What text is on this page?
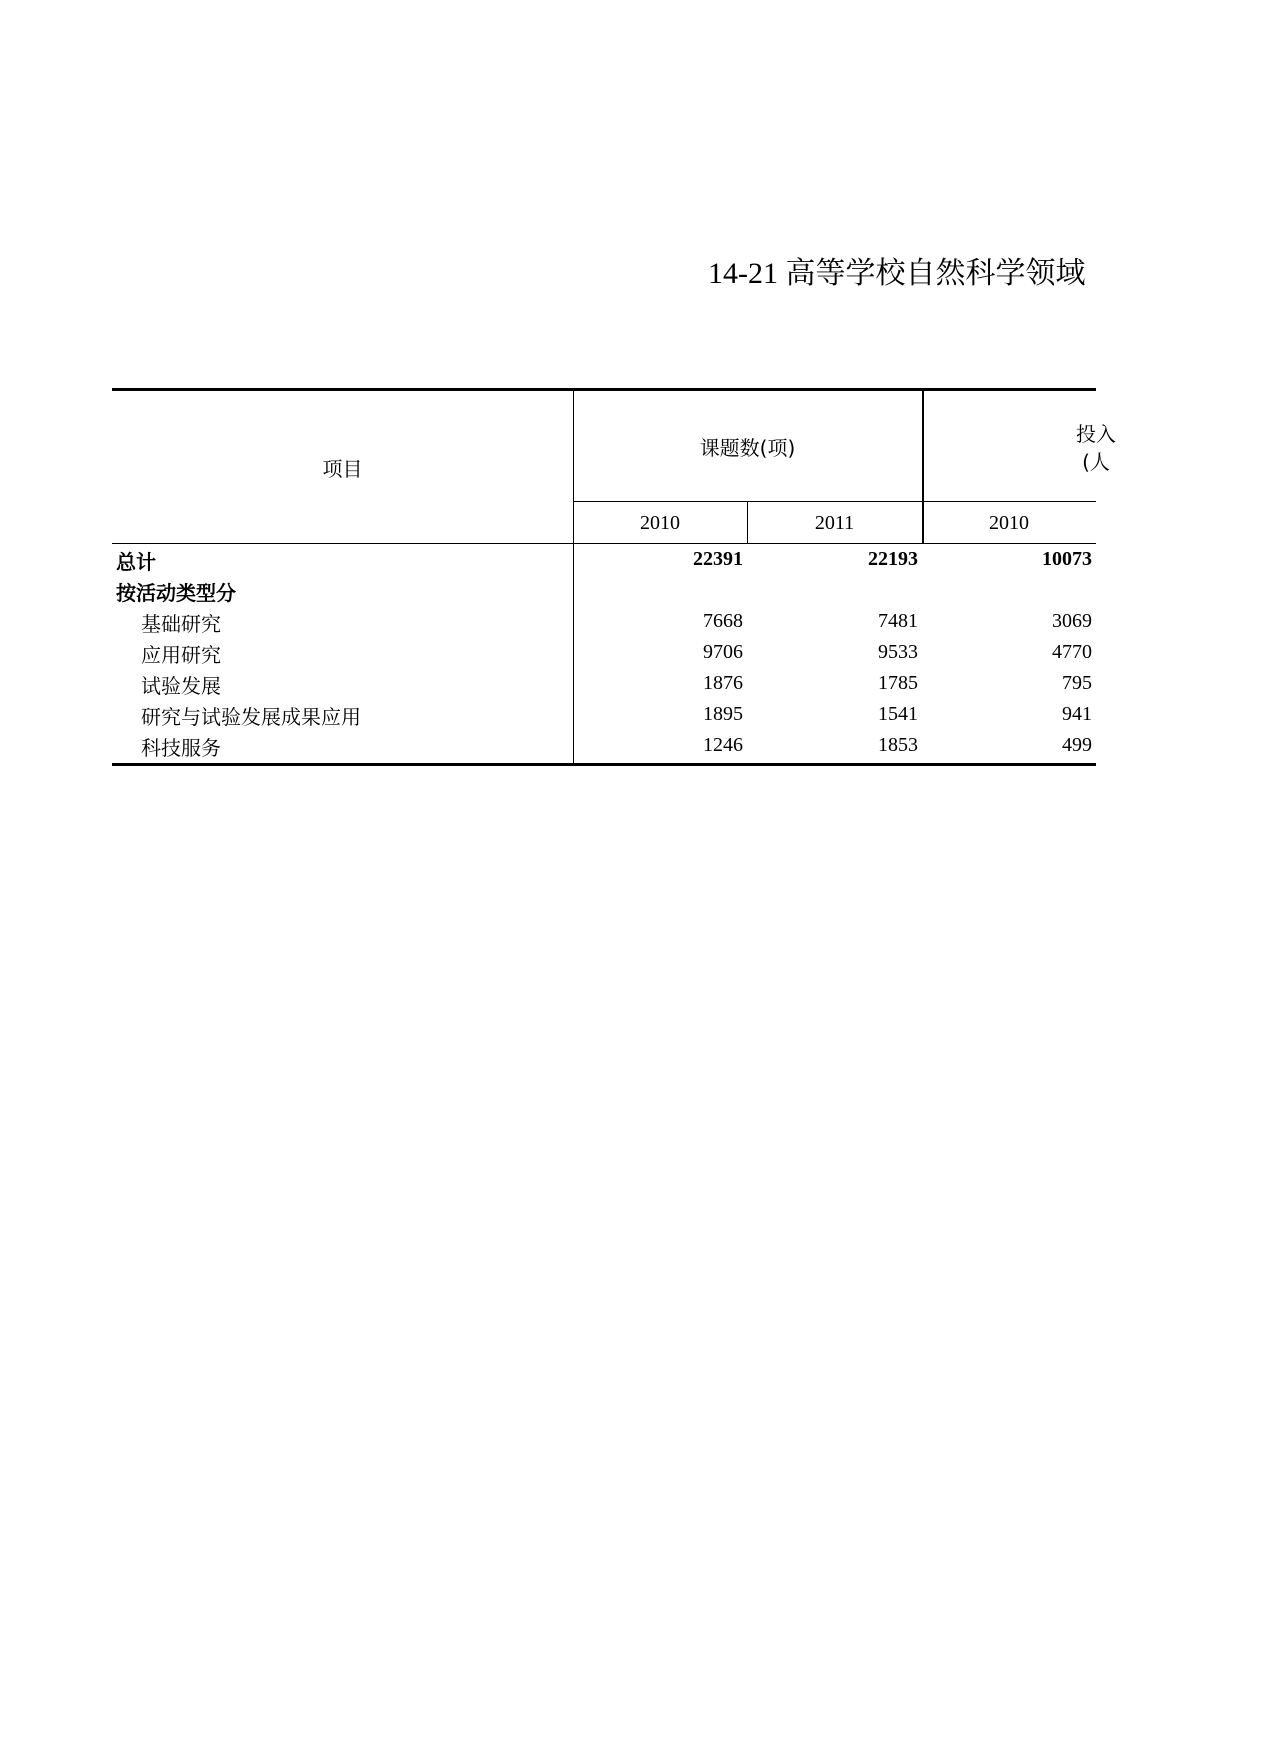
14-21 高等学校自然科学领域
项目
课题数(项)
投入
(人
2010	2011	2010
总计	22391	22193	10073
按活动类型分
基础研究	7668	7481	3069
应用研究	9706	9533	4770
试验发展	1876	1785	795
研究与试验发展成果应用	1895	1541	941
科技服务	1246	1853	499
